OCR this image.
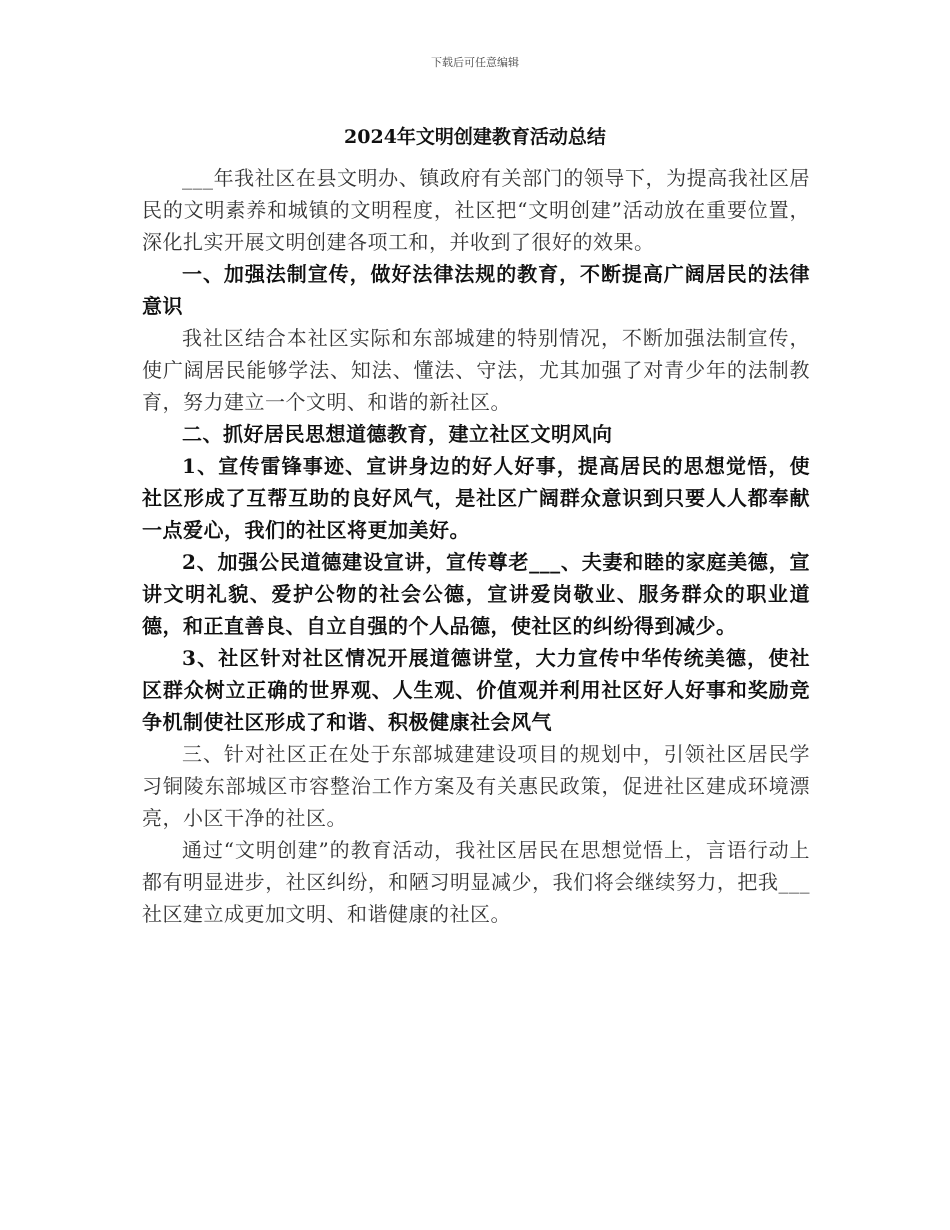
下载后可任意编辑
2024年文明创建教育活动总结

___年我社区在县文明办、镇政府有关部门的领导下，为提高我社区居民的文明素养和城镇的文明程度，社区把“文明创建”活动放在重要位置，深化扎实开展文明创建各项工和，并收到了很好的效果。

一、加强法制宣传，做好法律法规的教育，不断提高广阔居民的法律意识

我社区结合本社区实际和东部城建的特别情况，不断加强法制宣传，使广阔居民能够学法、知法、懂法、守法，尤其加强了对青少年的法制教育，努力建立一个文明、和谐的新社区。

二、抓好居民思想道德教育，建立社区文明风向

1、宣传雷锋事迹、宣讲身边的好人好事，提高居民的思想觉悟，使社区形成了互帮互助的良好风气，是社区广阔群众意识到只要人人都奉献一点爱心，我们的社区将更加美好。

2、加强公民道德建设宣讲，宣传尊老___、夫妻和睦的家庭美德，宣讲文明礼貌、爱护公物的社会公德，宣讲爱岗敬业、服务群众的职业道德，和正直善良、自立自强的个人品德，使社区的纠纷得到减少。

3、社区针对社区情况开展道德讲堂，大力宣传中华传统美德，使社区群众树立正确的世界观、人生观、价值观并利用社区好人好事和奖励竞争机制使社区形成了和谐、积极健康社会风气

三、针对社区正在处于东部城建建设项目的规划中，引领社区居民学习铜陵东部城区市容整治工作方案及有关惠民政策，促进社区建成环境漂亮，小区干净的社区。

通过“文明创建”的教育活动，我社区居民在思想觉悟上，言语行动上都有明显进步，社区纠纷，和陋习明显减少，我们将会继续努力，把我___社区建立成更加文明、和谐健康的社区。
